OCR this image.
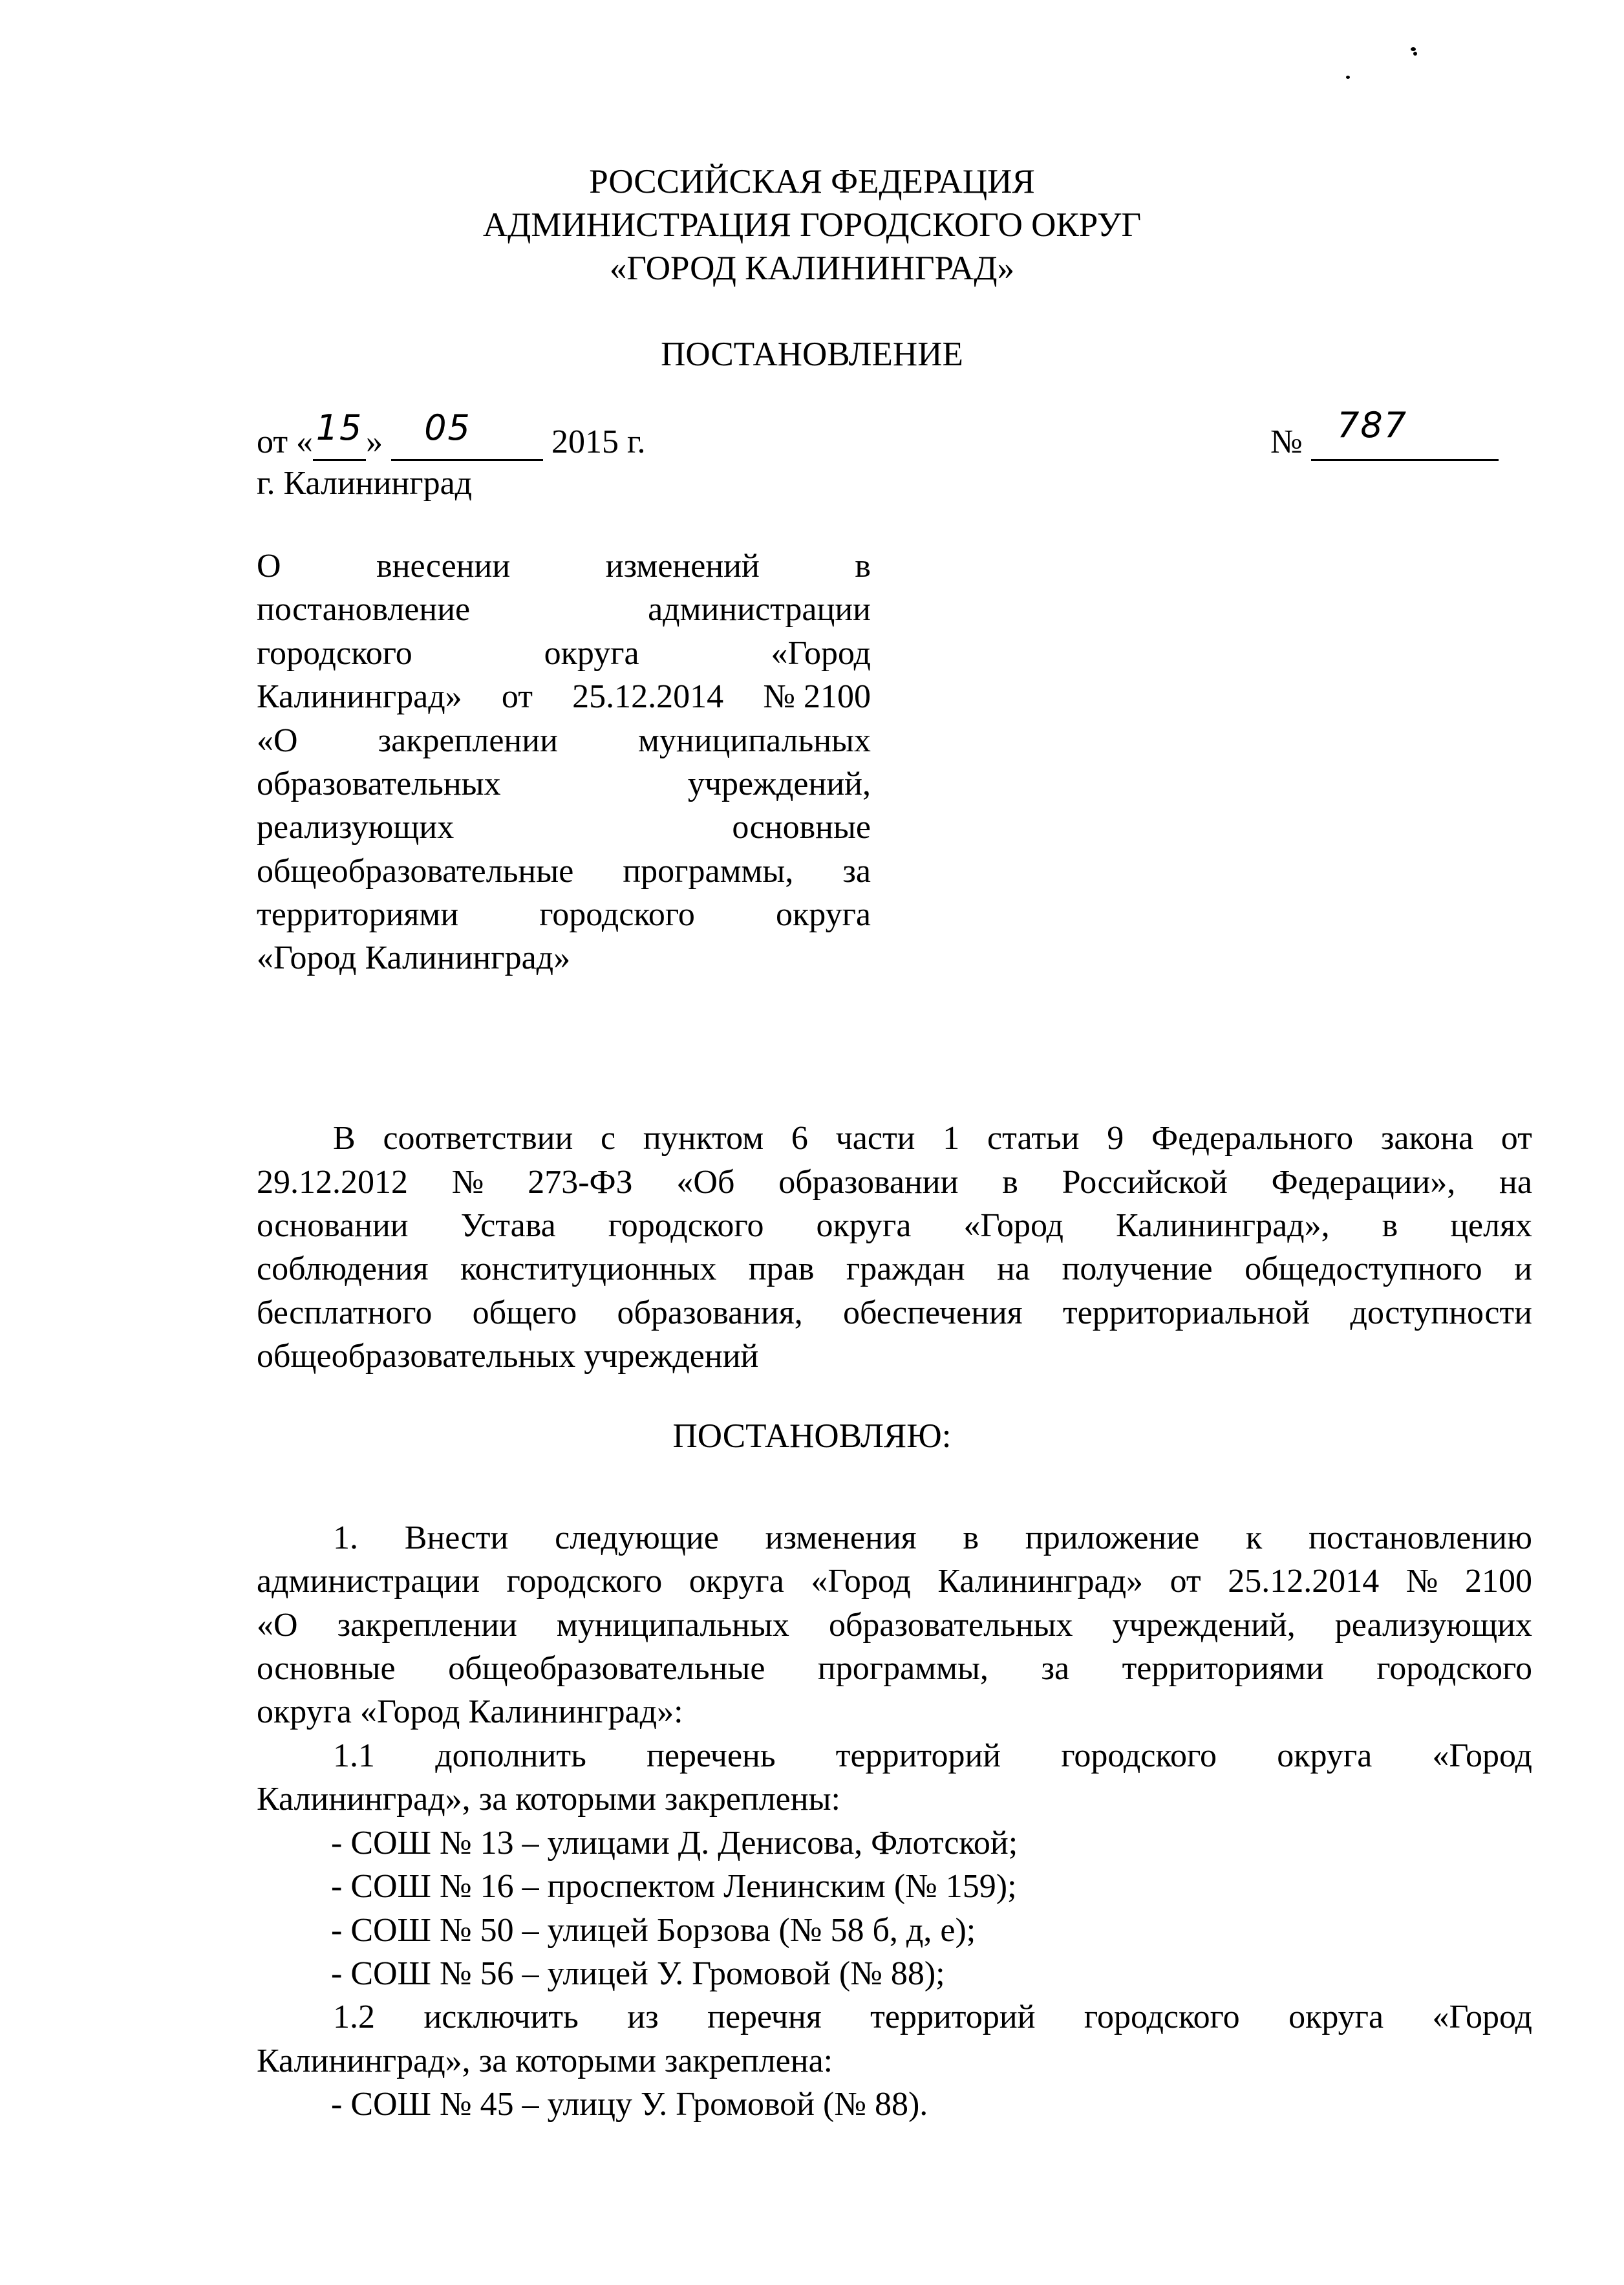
РОССИЙСКАЯ ФЕДЕРАЦИЯ
АДМИНИСТРАЦИЯ ГОРОДСКОГО ОКРУГ
«ГОРОД КАЛИНИНГРАД»
ПОСТАНОВЛЕНИЕ
от «15» 05 2015 г.	№ 787
г. Калининград
О	внесении	изменений	в
постановление	администрации
городского	округа	«Город
Калининград» от 25.12.2014 № 2100
«О закреплении муниципальных
образовательных	учреждений,
реализующих	основные
общеобразовательные программы, за
территориями городского округа
«Город Калининград»
В соответствии с пунктом 6 части 1 статьи 9 Федерального закона от
29.12.2012 № 273-ФЗ «Об образовании в Российской Федерации», на
основании Устава городского округа «Город Калининград», в целях
соблюдения конституционных прав граждан на получение общедоступного и
бесплатного общего образования, обеспечения территориальной доступности
общеобразовательных учреждений
ПОСТАНОВЛЯЮ:
1. Внести следующие изменения в приложение к постановлению
администрации городского округа «Город Калининград» от 25.12.2014 № 2100
«О закреплении муниципальных образовательных учреждений, реализующих
основные общеобразовательные программы, за территориями городского
округа «Город Калининград»:
1.1 дополнить перечень территорий городского округа «Город
Калининград», за которыми закреплены:
- СОШ № 13 – улицами Д. Денисова, Флотской;
- СОШ № 16 – проспектом Ленинским (№ 159);
- СОШ № 50 – улицей Борзова (№ 58 б, д, е);
- СОШ № 56 – улицей У. Громовой (№ 88);
1.2 исключить из перечня территорий городского округа «Город
Калининград», за которыми закреплена:
- СОШ № 45 – улицу У. Громовой (№ 88).
